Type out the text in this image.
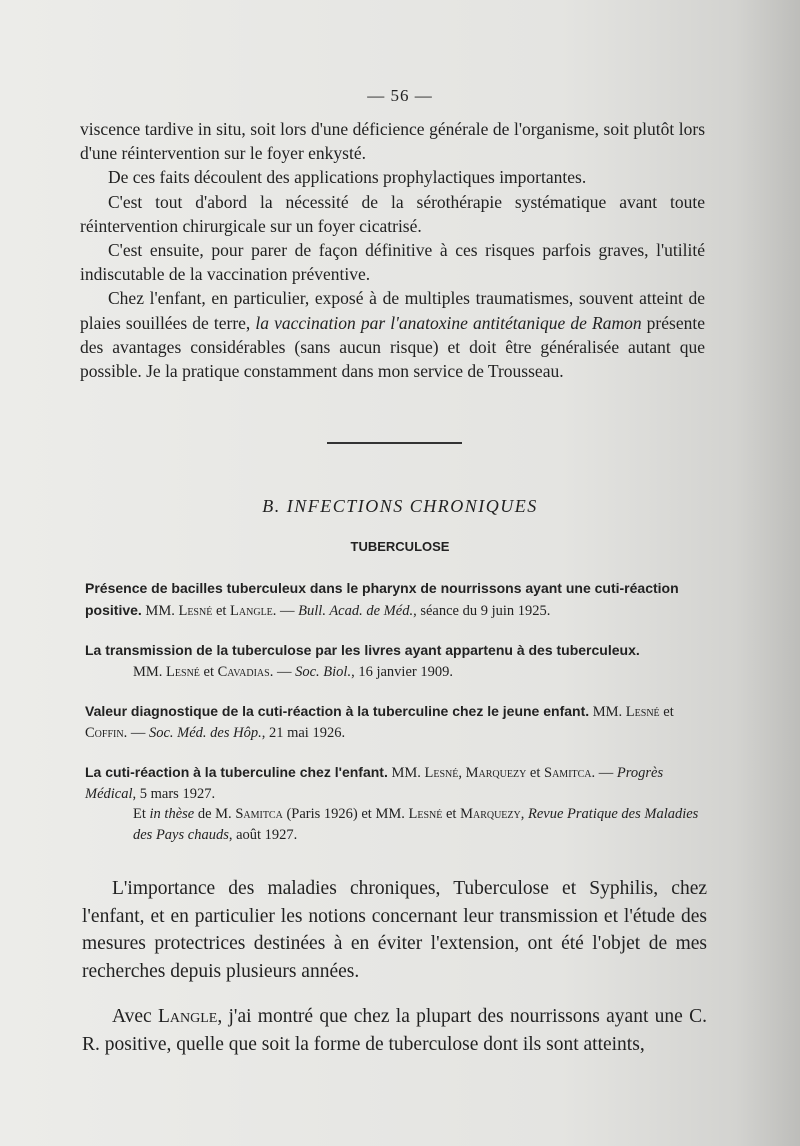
— 56 —

viscence tardive in situ, soit lors d'une déficience générale de l'organisme, soit plutôt lors d'une réintervention sur le foyer enkysté.

De ces faits découlent des applications prophylactiques importantes.

C'est tout d'abord la nécessité de la sérothérapie systématique avant toute réintervention chirurgicale sur un foyer cicatrisé.

C'est ensuite, pour parer de façon définitive à ces risques parfois graves, l'utilité indiscutable de la vaccination préventive.

Chez l'enfant, en particulier, exposé à de multiples traumatismes, souvent atteint de plaies souillées de terre, la vaccination par l'anatoxine antitétanique de Ramon présente des avantages considérables (sans aucun risque) et doit être généralisée autant que possible. Je la pratique constamment dans mon service de Trousseau.

B. INFECTIONS CHRONIQUES
TUBERCULOSE
Présence de bacilles tuberculeux dans le pharynx de nourrissons ayant une cuti-réaction positive. MM. Lesné et Langle. — Bull. Acad. de Méd., séance du 9 juin 1925.
La transmission de la tuberculose par les livres ayant appartenu à des tuberculeux.
MM. Lesné et Cavadias. — Soc. Biol., 16 janvier 1909.
Valeur diagnostique de la cuti-réaction à la tuberculine chez le jeune enfant. MM. Lesné et Coffin. — Soc. Méd. des Hôp., 21 mai 1926.
La cuti-réaction à la tuberculine chez l'enfant. MM. Lesné, Marquezy et Samitca. — Progrès Médical, 5 mars 1927.
Et in thèse de M. Samitca (Paris 1926) et MM. Lesné et Marquezy, Revue Pratique des Maladies des Pays chauds, août 1927.

L'importance des maladies chroniques, Tuberculose et Syphilis, chez l'enfant, et en particulier les notions concernant leur transmission et l'étude des mesures protectrices destinées à en éviter l'extension, ont été l'objet de mes recherches depuis plusieurs années.

Avec Langle, j'ai montré que chez la plupart des nourrissons ayant une C. R. positive, quelle que soit la forme de tuberculose dont ils sont atteints,
